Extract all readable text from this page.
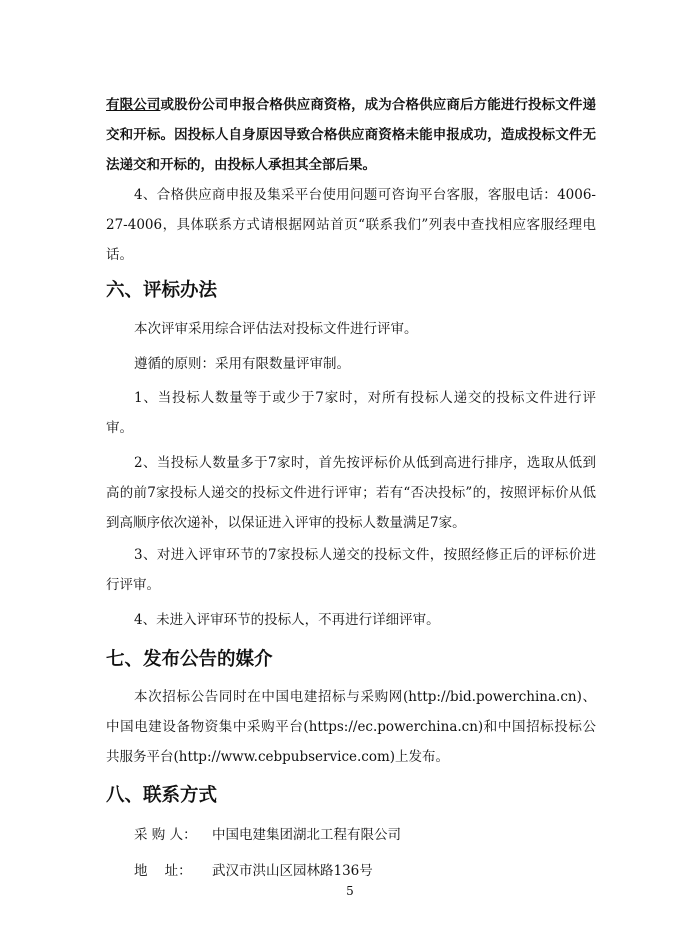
有限公司或股份公司申报合格供应商资格，成为合格供应商后方能进行投标文件递交和开标。因投标人自身原因导致合格供应商资格未能申报成功，造成投标文件无法递交和开标的，由投标人承担其全部后果。

4、合格供应商申报及集采平台使用问题可咨询平台客服，客服电话：4006-27-4006，具体联系方式请根据网站首页“联系我们”列表中查找相应客服经理电话。

六、评标办法

本次评审采用综合评估法对投标文件进行评审。

遵循的原则：采用有限数量评审制。

1、当投标人数量等于或少于7家时，对所有投标人递交的投标文件进行评审。

2、当投标人数量多于7家时，首先按评标价从低到高进行排序，选取从低到高的前7家投标人递交的投标文件进行评审；若有“否决投标”的，按照评标价从低到高顺序依次递补，以保证进入评审的投标人数量满足7家。

3、对进入评审环节的7家投标人递交的投标文件，按照经修正后的评标价进行评审。

4、未进入评审环节的投标人，不再进行详细评审。

七、发布公告的媒介

本次招标公告同时在中国电建招标与采购网(http://bid.powerchina.cn)、中国电建设备物资集中采购平台(https://ec.powerchina.cn)和中国招标投标公共服务平台(http://www.cebpubservice.com)上发布。

八、联系方式
采 购 人： 中国电建集团湖北工程有限公司
地    址： 武汉市洪山区园林路136号
5
